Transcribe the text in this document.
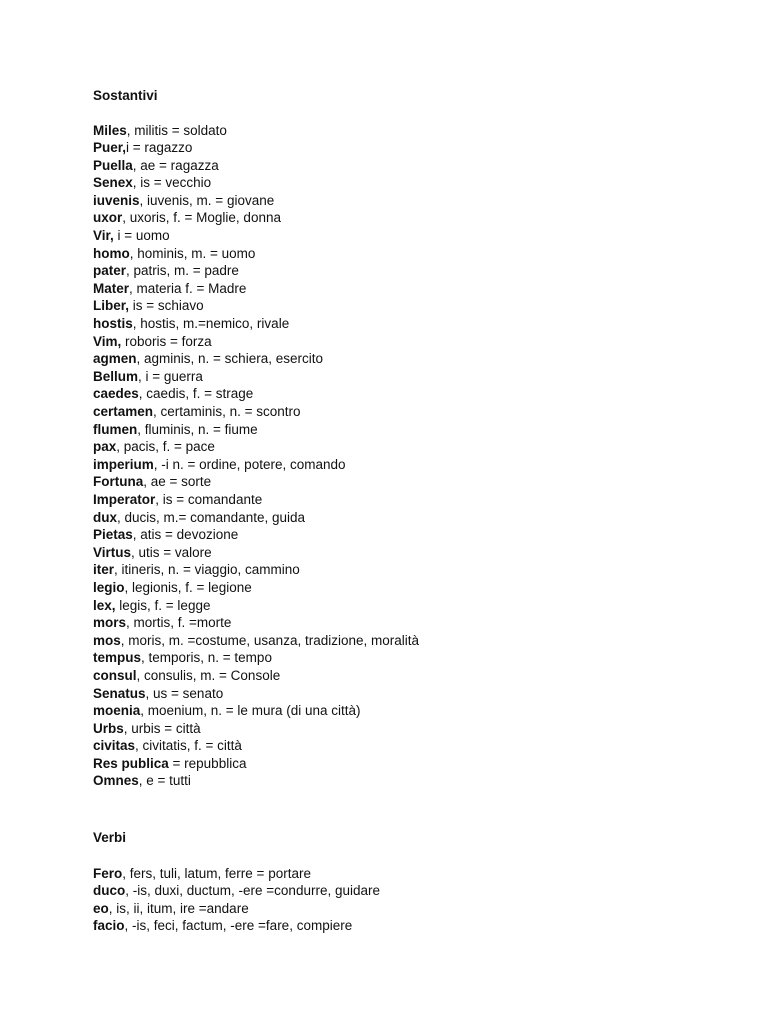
Sostantivi
Miles, militis = soldato
Puer,i = ragazzo
Puella, ae = ragazza
Senex, is = vecchio
iuvenis, iuvenis, m. = giovane
uxor, uxoris, f. = Moglie, donna
Vir, i = uomo
homo, hominis, m. = uomo
pater, patris, m. = padre
Mater, materia f. = Madre
Liber, is = schiavo
hostis, hostis, m.=nemico, rivale
Vim, roboris = forza
agmen, agminis, n. = schiera, esercito
Bellum, i = guerra
caedes, caedis, f. = strage
certamen, certaminis, n. = scontro
flumen, fluminis, n. = fiume
pax, pacis, f. = pace
imperium, -i n. = ordine, potere, comando
Fortuna, ae = sorte
Imperator, is = comandante
dux, ducis, m.= comandante, guida
Pietas, atis = devozione
Virtus, utis = valore
iter, itineris, n. = viaggio, cammino
legio, legionis, f. = legione
lex, legis, f. = legge
mors, mortis, f. =morte
mos, moris, m. =costume, usanza, tradizione, moralità
tempus, temporis, n. = tempo
consul, consulis, m. = Console
Senatus, us = senato
moenia, moenium, n. = le mura (di una città)
Urbs, urbis = città
civitas, civitatis, f. = città
Res publica = repubblica
Omnes, e = tutti
Verbi
Fero, fers, tuli, latum, ferre = portare
duco, -is, duxi, ductum, -ere =condurre, guidare
eo, is, ii, itum, ire =andare
facio, -is, feci, factum, -ere =fare, compiere
